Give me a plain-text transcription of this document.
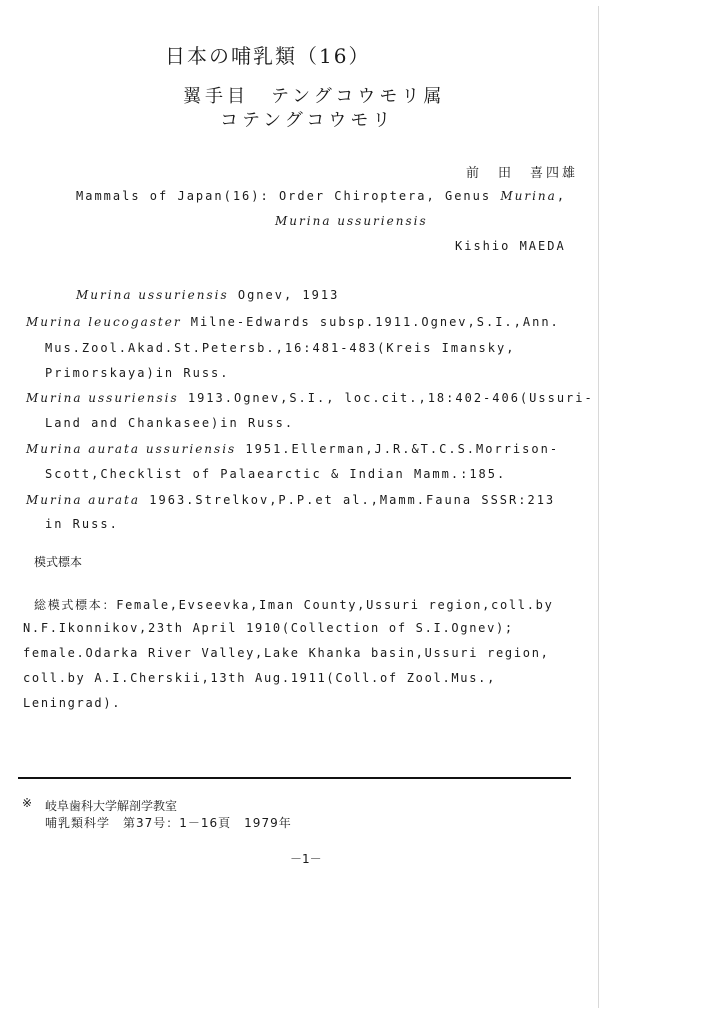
日本の哺乳類（16）
翼手目　テングコウモリ属
コテングコウモリ
前　田　喜四雄
Mammals of Japan(16): Order Chiroptera, Genus Murina,
Murina ussuriensis
Kishio MAEDA
Murina ussuriensis Ognev, 1913
Murina leucogaster Milne-Edwards subsp.1911.Ognev,S.I.,Ann.
Mus.Zool.Akad.St.Petersb.,16:481-483(Kreis Imansky,
Primorskaya)in Russ.
Murina ussuriensis 1913.Ognev,S.I., loc.cit.,18:402-406(Ussuri-
Land and Chankasee)in Russ.
Murina aurata ussuriensis 1951.Ellerman,J.R.&T.C.S.Morrison-
Scott,Checklist of Palaearctic & Indian Mamm.:185.
Murina aurata 1963.Strelkov,P.P.et al.,Mamm.Fauna SSSR:213
in Russ.
模式標本
総模式標本：Female,Evseevka,Iman County,Ussuri region,coll.by
N.F.Ikonnikov,23th April 1910(Collection of S.I.Ognev);
female.Odarka River Valley,Lake Khanka basin,Ussuri region,
coll.by A.I.Cherskii,13th Aug.1911(Coll.of Zool.Mus.,
Leningrad).
※ 岐阜歯科大学解剖学教室
哺乳類科学　第37号：1－16頁　1979年
－1－
